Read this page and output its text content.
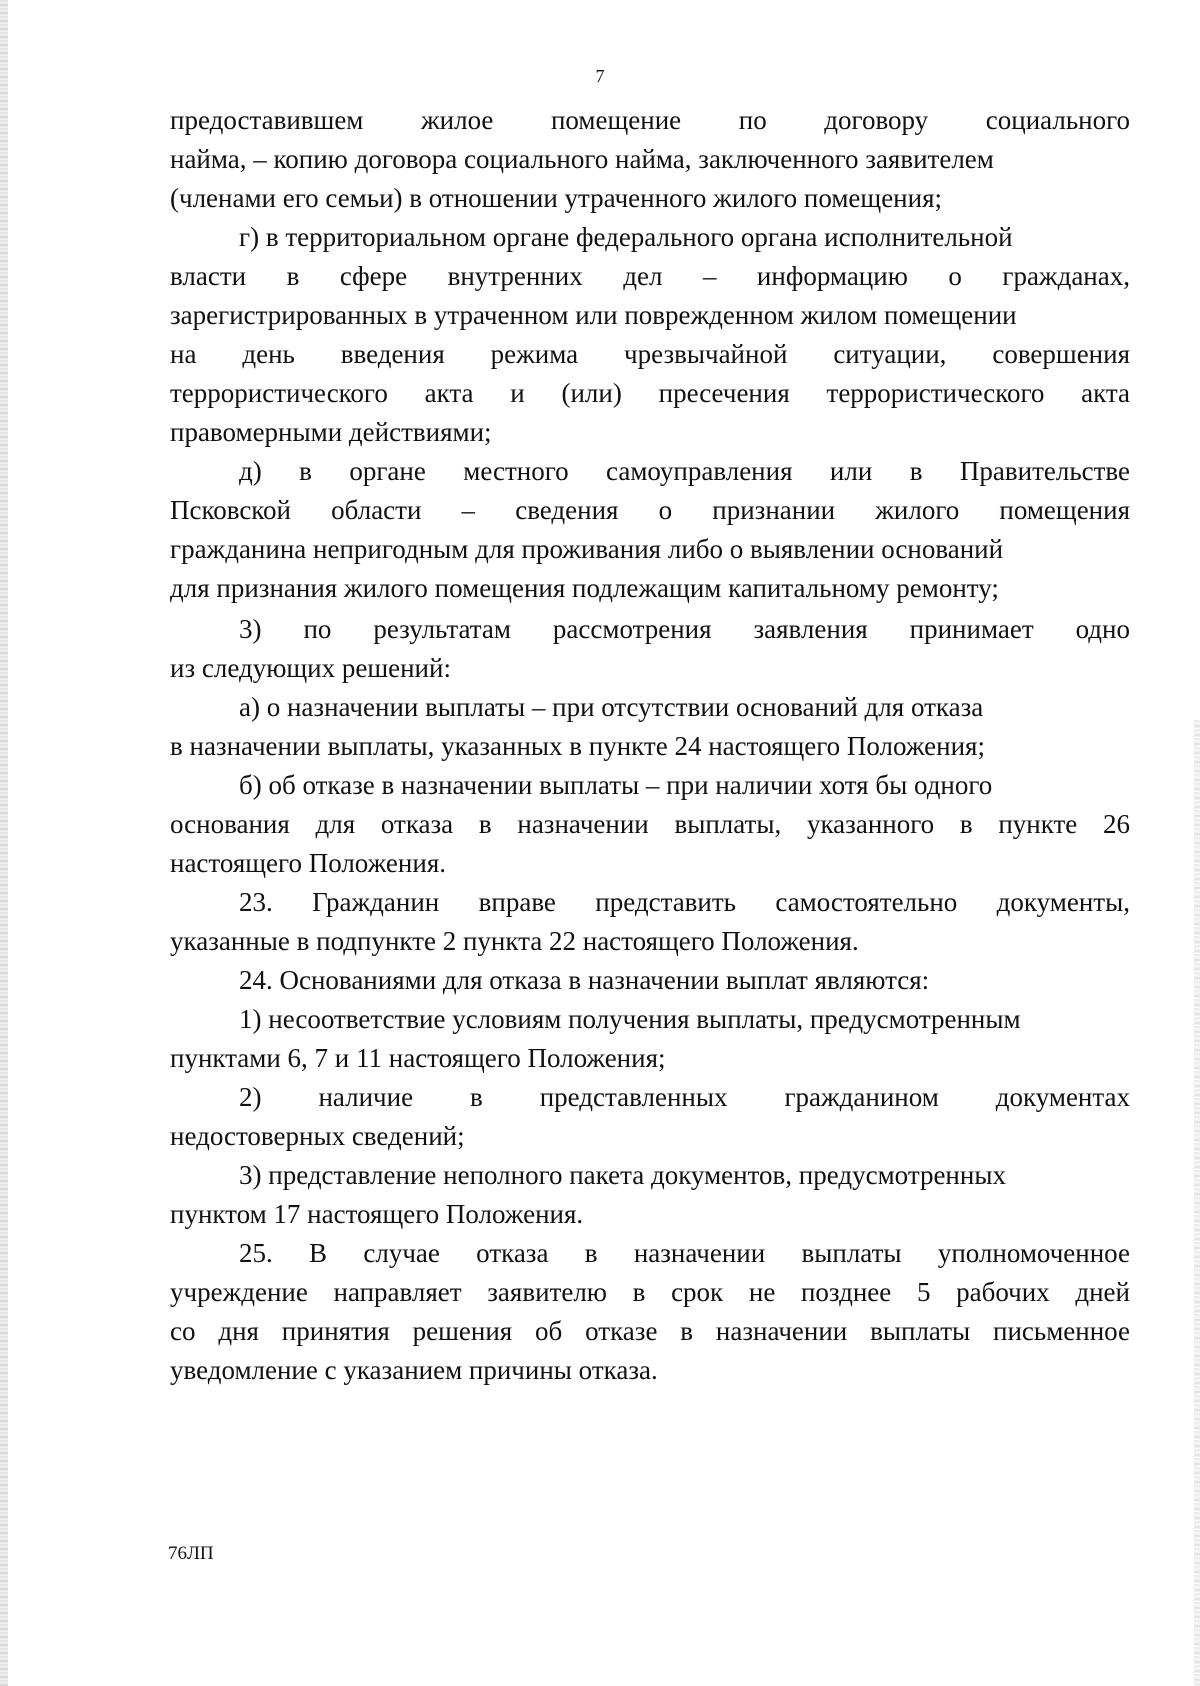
7
предоставившем жилое помещение по договору социального
найма, – копию договора социального найма, заключенного заявителем
(членами его семьи) в отношении утраченного жилого помещения;
г) в территориальном органе федерального органа исполнительной
власти в сфере внутренних дел – информацию о гражданах,
зарегистрированных в утраченном или поврежденном жилом помещении
на день введения режима чрезвычайной ситуации, совершения
террористического акта и (или) пресечения террористического акта
правомерными действиями;
д) в органе местного самоуправления или в Правительстве
Псковской области – сведения о признании жилого помещения
гражданина непригодным для проживания либо о выявлении оснований
для признания жилого помещения подлежащим капитальному ремонту;
3) по результатам рассмотрения заявления принимает одно
из следующих решений:
а) о назначении выплаты – при отсутствии оснований для отказа
в назначении выплаты, указанных в пункте 24 настоящего Положения;
б) об отказе в назначении выплаты – при наличии хотя бы одного
основания для отказа в назначении выплаты, указанного в пункте 26
настоящего Положения.
23. Гражданин вправе представить самостоятельно документы,
указанные в подпункте 2 пункта 22 настоящего Положения.
24. Основаниями для отказа в назначении выплат являются:
1) несоответствие условиям получения выплаты, предусмотренным
пунктами 6, 7 и 11 настоящего Положения;
2) наличие в представленных гражданином документах
недостоверных сведений;
3) представление неполного пакета документов, предусмотренных
пунктом 17 настоящего Положения.
25. В случае отказа в назначении выплаты уполномоченное
учреждение направляет заявителю в срок не позднее 5 рабочих дней
со дня принятия решения об отказе в назначении выплаты письменное
уведомление с указанием причины отказа.
76ЛП
